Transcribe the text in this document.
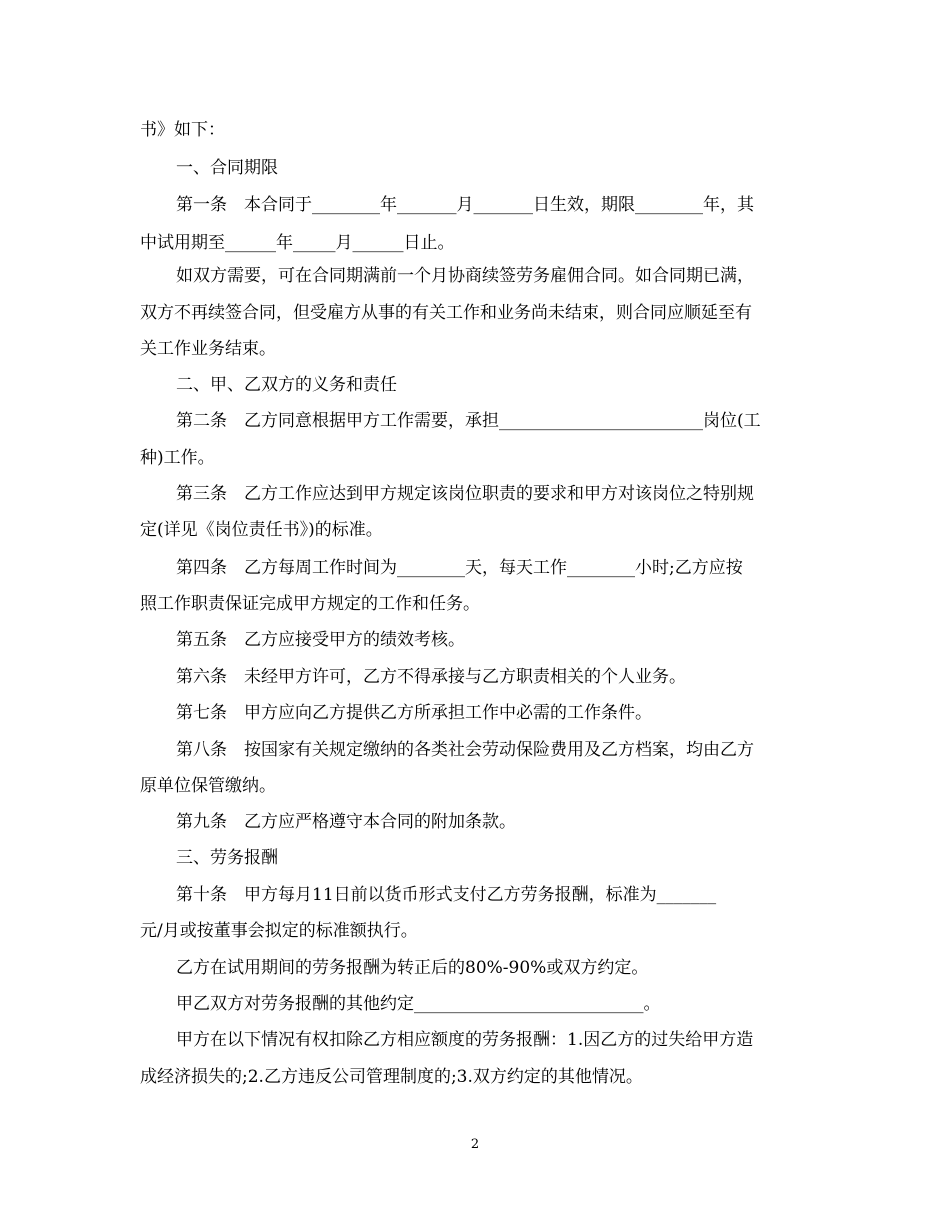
书》如下：
一、合同期限
第一条　本合同于________年_______月_______日生效，期限________年，其
中试用期至______年_____月______日止。
如双方需要，可在合同期满前一个月协商续签劳务雇佣合同。如合同期已满，
双方不再续签合同，但受雇方从事的有关工作和业务尚未结束，则合同应顺延至有
关工作业务结束。
二、甲、乙双方的义务和责任
第二条　乙方同意根据甲方工作需要，承担________________________岗位(工
种)工作。
第三条　乙方工作应达到甲方规定该岗位职责的要求和甲方对该岗位之特别规
定(详见《岗位责任书》)的标准。
第四条　乙方每周工作时间为________天，每天工作________小时;乙方应按
照工作职责保证完成甲方规定的工作和任务。
第五条　乙方应接受甲方的绩效考核。
第六条　未经甲方许可，乙方不得承接与乙方职责相关的个人业务。
第七条　甲方应向乙方提供乙方所承担工作中必需的工作条件。
第八条　按国家有关规定缴纳的各类社会劳动保险费用及乙方档案，均由乙方
原单位保管缴纳。
第九条　乙方应严格遵守本合同的附加条款。
三、劳务报酬
第十条　甲方每月11日前以货币形式支付乙方劳务报酬，标准为_______
元/月或按董事会拟定的标准额执行。
乙方在试用期间的劳务报酬为转正后的80%-90%或双方约定。
甲乙双方对劳务报酬的其他约定___________________________。
甲方在以下情况有权扣除乙方相应额度的劳务报酬：1.因乙方的过失给甲方造
成经济损失的;2.乙方违反公司管理制度的;3.双方约定的其他情况。
2
